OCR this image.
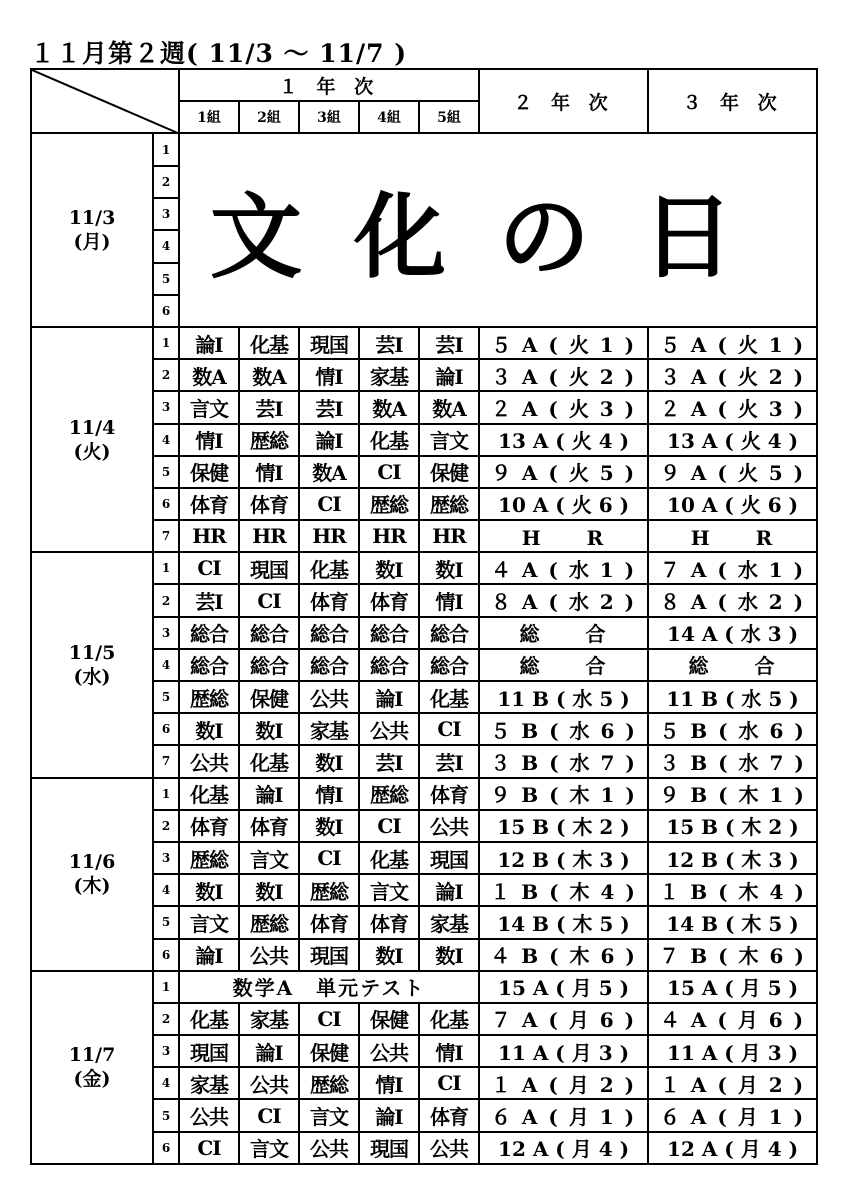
１１月第２週( 11/3 ～ 11/7 )
	１ 年 次					２ 年 次	３ 年 次
		1組	2組	3組	4組	5組		

11/3
(月)	1	文化の日						
	2							
	3							
	4							
	5							
	6							

11/4
(火)	1	論Ⅰ	化基	現国	芸Ⅰ	芸Ⅰ	５ A ( 火 1 )	５ A ( 火 1 )
	2	数A	数A	情Ⅰ	家基	論Ⅰ	３ A ( 火 2 )	３ A ( 火 2 )
	3	言文	芸Ⅰ	芸Ⅰ	数A	数A	２ A ( 火 3 )	２ A ( 火 3 )
	4	情Ⅰ	歴総	論Ⅰ	化基	言文	13 A ( 火 4 )	13 A ( 火 4 )
	5	保健	情Ⅰ	数A	CⅠ	保健	９ A ( 火 5 )	９ A ( 火 5 )
	6	体育	体育	CⅠ	歴総	歴総	10 A ( 火 6 )	10 A ( 火 6 )
	7	HR	HR	HR	HR	HR	H　　R	H　　R

11/5
(水)	1	CⅠ	現国	化基	数Ⅰ	数Ⅰ	４ A ( 水 1 )	７ A ( 水 1 )
	2	芸Ⅰ	CⅠ	体育	体育	情Ⅰ	８ A ( 水 2 )	８ A ( 水 2 )
	3	総合	総合	総合	総合	総合	総　　合	14 A ( 水 3 )
	4	総合	総合	総合	総合	総合	総　　合	総　　合
	5	歴総	保健	公共	論Ⅰ	化基	11 B ( 水 5 )	11 B ( 水 5 )
	6	数Ⅰ	数Ⅰ	家基	公共	CⅠ	５ B ( 水 6 )	５ B ( 水 6 )
	7	公共	化基	数Ⅰ	芸Ⅰ	芸Ⅰ	３ B ( 水 7 )	３ B ( 水 7 )

11/6
(木)	1	化基	論Ⅰ	情Ⅰ	歴総	体育	９ B ( 木 1 )	９ B ( 木 1 )
	2	体育	体育	数Ⅰ	CⅠ	公共	15 B ( 木 2 )	15 B ( 木 2 )
	3	歴総	言文	CⅠ	化基	現国	12 B ( 木 3 )	12 B ( 木 3 )
	4	数Ⅰ	数Ⅰ	歴総	言文	論Ⅰ	１ B ( 木 4 )	１ B ( 木 4 )
	5	言文	歴総	体育	体育	家基	14 B ( 木 5 )	14 B ( 木 5 )
	6	論Ⅰ	公共	現国	数Ⅰ	数Ⅰ	４ B ( 木 6 )	７ B ( 木 6 )

11/7
(金)	1	数学A　単元テスト					15 A ( 月 5 )	15 A ( 月 5 )
	2	化基	家基	CⅠ	保健	化基	７ A ( 月 6 )	４ A ( 月 6 )
	3	現国	論Ⅰ	保健	公共	情Ⅰ	11 A ( 月 3 )	11 A ( 月 3 )
	4	家基	公共	歴総	情Ⅰ	CⅠ	１ A ( 月 2 )	１ A ( 月 2 )
	5	公共	CⅠ	言文	論Ⅰ	体育	６ A ( 月 1 )	６ A ( 月 1 )
	6	CⅠ	言文	公共	現国	公共	12 A ( 月 4 )	12 A ( 月 4 )
